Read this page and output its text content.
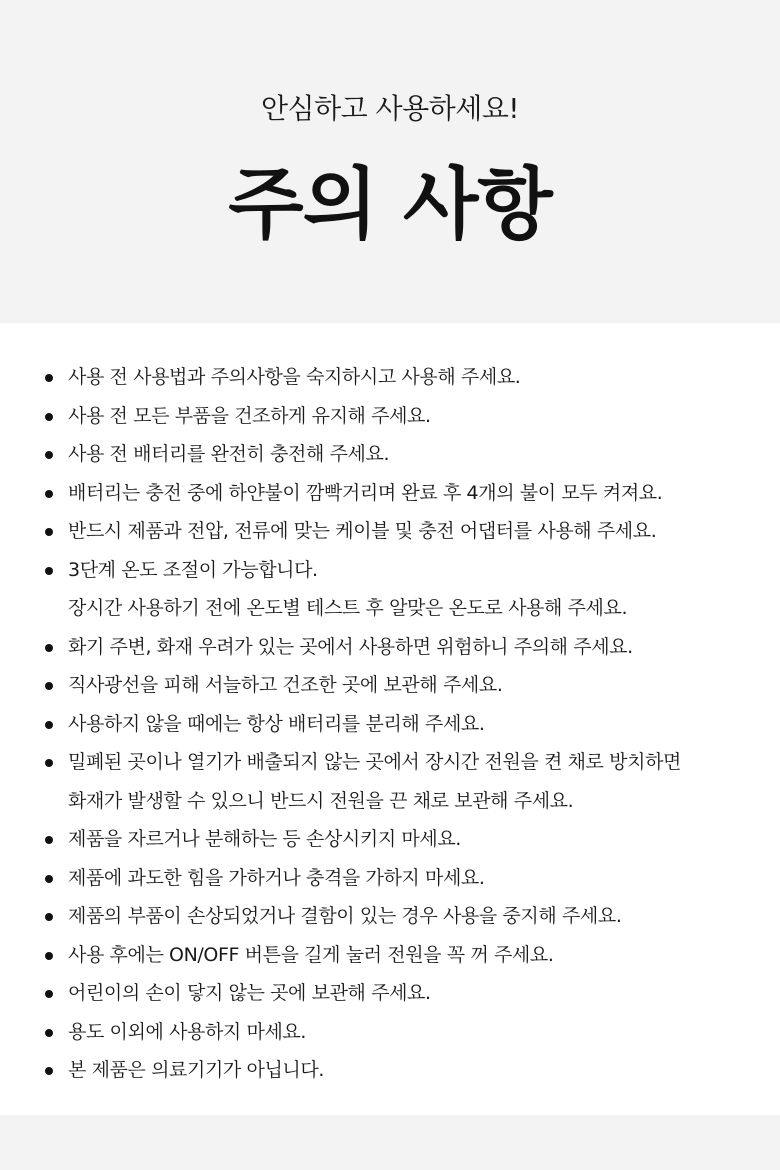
안심하고 사용하세요!
주의 사항
사용 전 사용법과 주의사항을 숙지하시고 사용해 주세요.
사용 전 모든 부품을 건조하게 유지해 주세요.
사용 전 배터리를 완전히 충전해 주세요.
배터리는 충전 중에 하얀불이 깜빡거리며 완료 후 4개의 불이 모두 켜져요.
반드시 제품과 전압, 전류에 맞는 케이블 및 충전 어댑터를 사용해 주세요.
3단계 온도 조절이 가능합니다.
장시간 사용하기 전에 온도별 테스트 후 알맞은 온도로 사용해 주세요.
화기 주변, 화재 우려가 있는 곳에서 사용하면 위험하니 주의해 주세요.
직사광선을 피해 서늘하고 건조한 곳에 보관해 주세요.
사용하지 않을 때에는 항상 배터리를 분리해 주세요.
밀폐된 곳이나 열기가 배출되지 않는 곳에서 장시간 전원을 켠 채로 방치하면
화재가 발생할 수 있으니 반드시 전원을 끈 채로 보관해 주세요.
제품을 자르거나 분해하는 등 손상시키지 마세요.
제품에 과도한 힘을 가하거나 충격을 가하지 마세요.
제품의 부품이 손상되었거나 결함이 있는 경우 사용을 중지해 주세요.
사용 후에는 ON/OFF 버튼을 길게 눌러 전원을 꼭 꺼 주세요.
어린이의 손이 닿지 않는 곳에 보관해 주세요.
용도 이외에 사용하지 마세요.
본 제품은 의료기기가 아닙니다.
